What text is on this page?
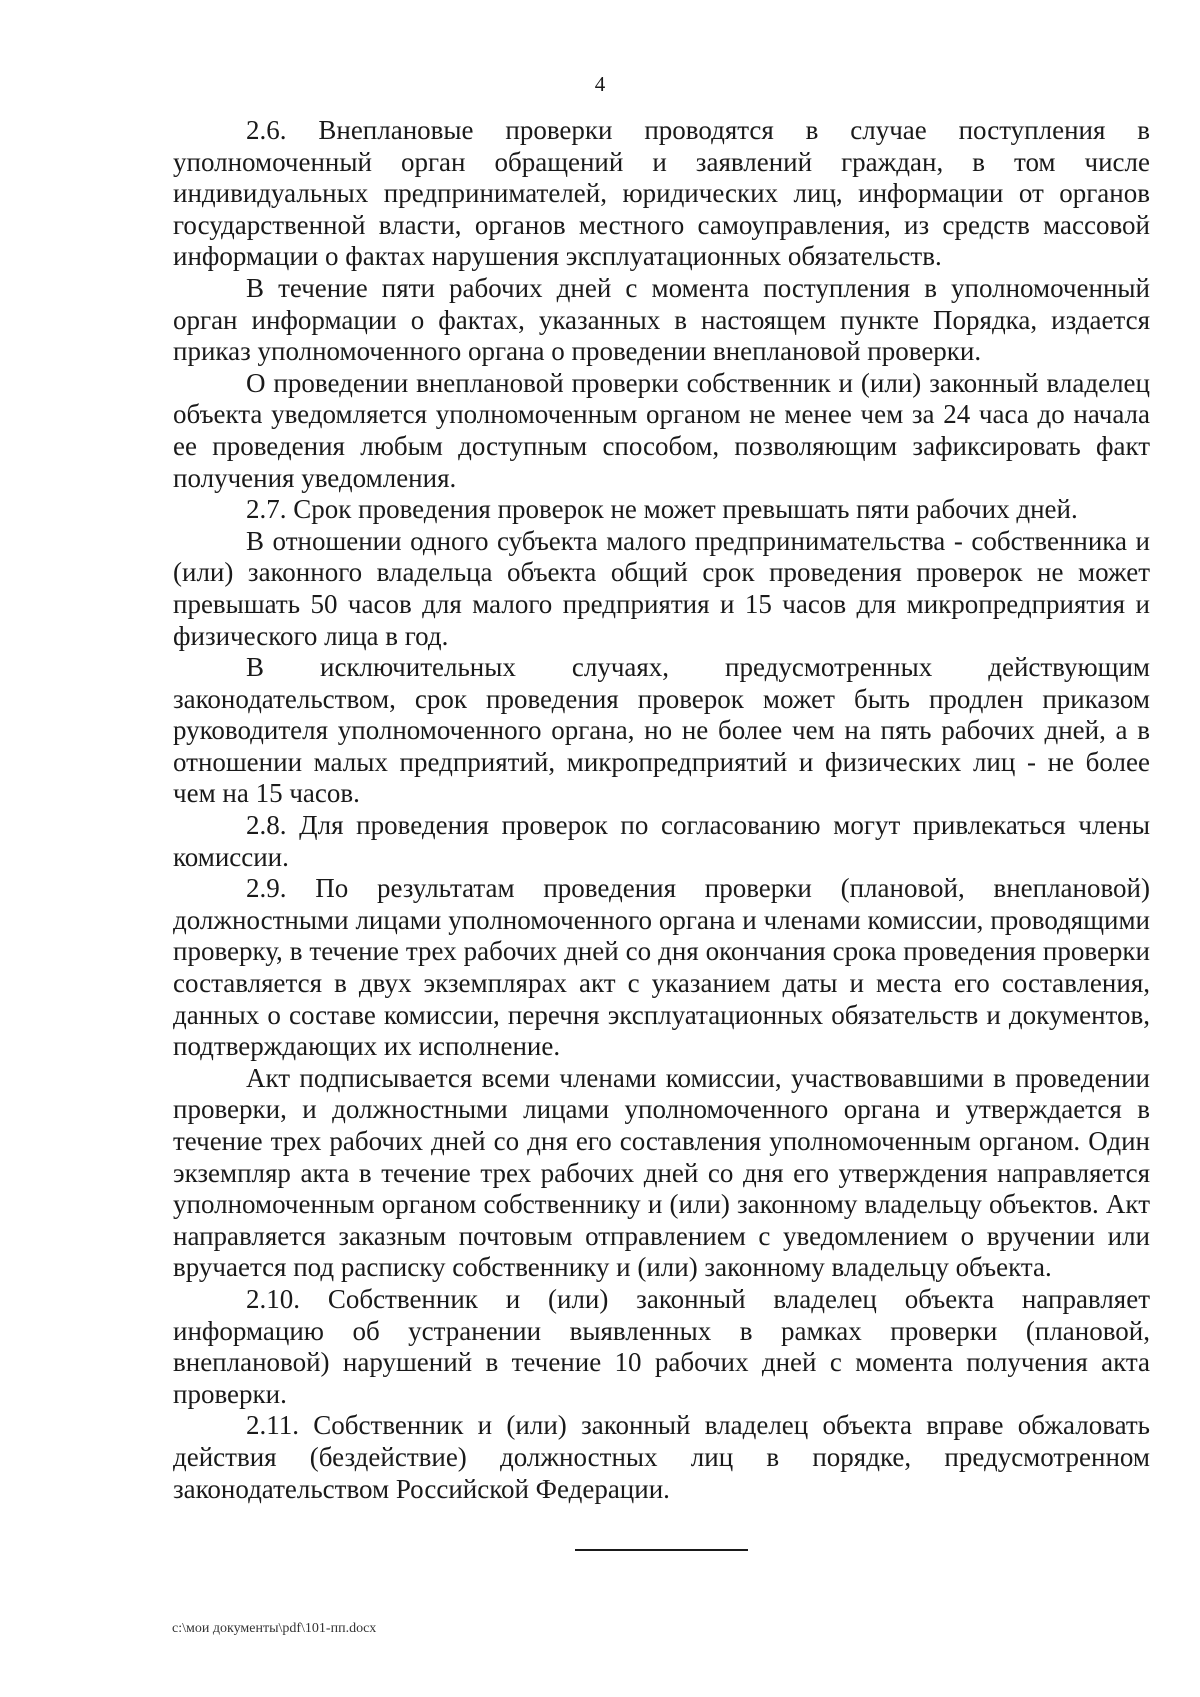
4

2.6. Внеплановые проверки проводятся в случае поступления в уполномоченный орган обращений и заявлений граждан, в том числе индивидуальных предпринимателей, юридических лиц, информации от органов государственной власти, органов местного самоуправления, из средств массовой информации о фактах нарушения эксплуатационных обязательств.

В течение пяти рабочих дней с момента поступления в уполномоченный орган информации о фактах, указанных в настоящем пункте Порядка, издается приказ уполномоченного органа о проведении внеплановой проверки.

О проведении внеплановой проверки собственник и (или) законный владелец объекта уведомляется уполномоченным органом не менее чем за 24 часа до начала ее проведения любым доступным способом, позволяющим зафиксировать факт получения уведомления.

2.7. Срок проведения проверок не может превышать пяти рабочих дней.

В отношении одного субъекта малого предпринимательства - собственника и (или) законного владельца объекта общий срок проведения проверок не может превышать 50 часов для малого предприятия и 15 часов для микропредприятия и физического лица в год.

В исключительных случаях, предусмотренных действующим законодательством, срок проведения проверок может быть продлен приказом руководителя уполномоченного органа, но не более чем на пять рабочих дней, а в отношении малых предприятий, микропредприятий и физических лиц - не более чем на 15 часов.

2.8. Для проведения проверок по согласованию могут привлекаться члены комиссии.

2.9. По результатам проведения проверки (плановой, внеплановой) должностными лицами уполномоченного органа и членами комиссии, проводящими проверку, в течение трех рабочих дней со дня окончания срока проведения проверки составляется в двух экземплярах акт с указанием даты и места его составления, данных о составе комиссии, перечня эксплуатационных обязательств и документов, подтверждающих их исполнение.

Акт подписывается всеми членами комиссии, участвовавшими в проведении проверки, и должностными лицами уполномоченного органа и утверждается в течение трех рабочих дней со дня его составления уполномоченным органом. Один экземпляр акта в течение трех рабочих дней со дня его утверждения направляется уполномоченным органом собственнику и (или) законному владельцу объектов. Акт направляется заказным почтовым отправлением с уведомлением о вручении или вручается под расписку собственнику и (или) законному владельцу объекта.

2.10. Собственник и (или) законный владелец объекта направляет информацию об устранении выявленных в рамках проверки (плановой, внеплановой) нарушений в течение 10 рабочих дней с момента получения акта проверки.

2.11. Собственник и (или) законный владелец объекта вправе обжаловать действия (бездействие) должностных лиц в порядке, предусмотренном законодательством Российской Федерации.

c:\мои документы\pdf\101-пп.docx
